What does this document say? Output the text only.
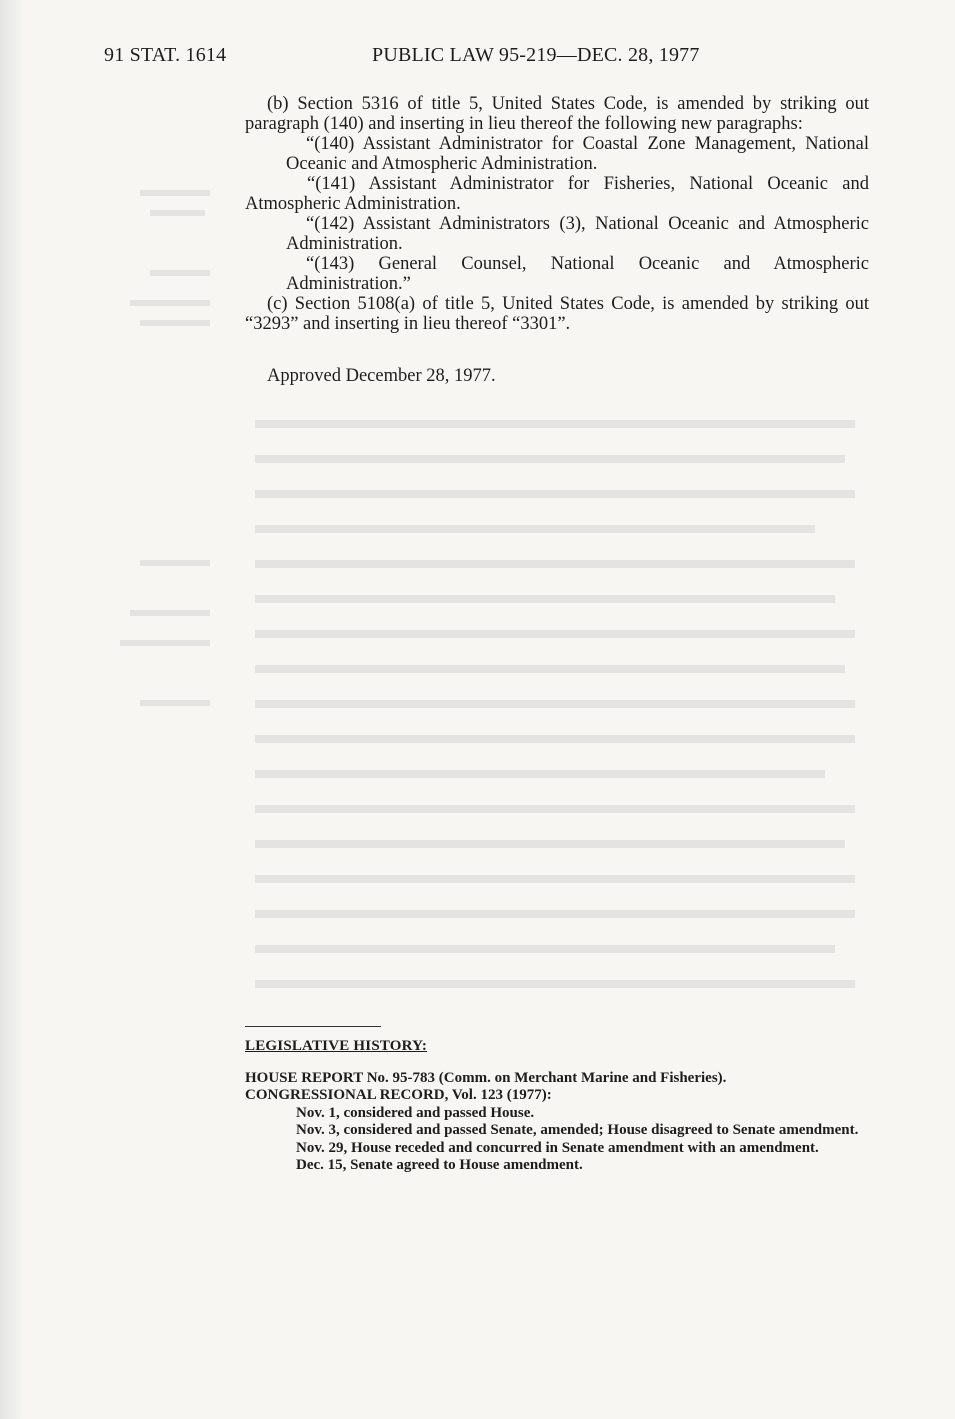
91 STAT. 1614	PUBLIC LAW 95-219—DEC. 28, 1977

(b) Section 5316 of title 5, United States Code, is amended by striking out paragraph (140) and inserting in lieu thereof the following new paragraphs:

“(140) Assistant Administrator for Coastal Zone Management, National Oceanic and Atmospheric Administration.

“(141) Assistant Administrator for Fisheries, National Oceanic and Atmospheric Administration.

“(142) Assistant Administrators (3), National Oceanic and Atmospheric Administration.

“(143) General Counsel, National Oceanic and Atmospheric Administration.”

(c) Section 5108(a) of title 5, United States Code, is amended by striking out “3293” and inserting in lieu thereof “3301”.

Approved December 28, 1977.

LEGISLATIVE HISTORY:
HOUSE REPORT No. 95-783 (Comm. on Merchant Marine and Fisheries).
CONGRESSIONAL RECORD, Vol. 123 (1977):
Nov. 1, considered and passed House.
Nov. 3, considered and passed Senate, amended; House disagreed to Senate amendment.
Nov. 29, House receded and concurred in Senate amendment with an amendment.
Dec. 15, Senate agreed to House amendment.
